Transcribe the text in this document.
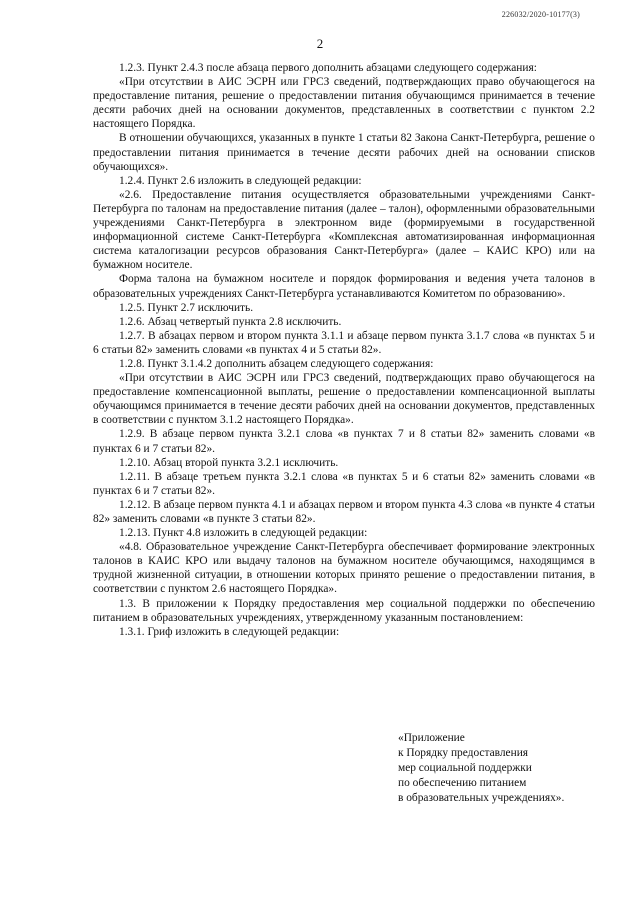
226032/2020-10177(3)
2

1.2.3. Пункт 2.4.3 после абзаца первого дополнить абзацами следующего содержания:

«При отсутствии в АИС ЭСРН или ГРСЗ сведений, подтверждающих право обучающегося на предоставление питания, решение о предоставлении питания обучающимся принимается в течение десяти рабочих дней на основании документов, представленных в соответствии с пунктом 2.2 настоящего Порядка.

В отношении обучающихся, указанных в пункте 1 статьи 82 Закона Санкт-Петербурга, решение о предоставлении питания принимается в течение десяти рабочих дней на основании списков обучающихся».

1.2.4. Пункт 2.6 изложить в следующей редакции:

«2.6. Предоставление питания осуществляется образовательными учреждениями Санкт-Петербурга по талонам на предоставление питания (далее – талон), оформленными образовательными учреждениями Санкт-Петербурга в электронном виде (формируемыми в государственной информационной системе Санкт-Петербурга «Комплексная автоматизированная информационная система каталогизации ресурсов образования Санкт-Петербурга» (далее – КАИС КРО) или на бумажном носителе.

Форма талона на бумажном носителе и порядок формирования и ведения учета талонов в образовательных учреждениях Санкт-Петербурга устанавливаются Комитетом по образованию».

1.2.5. Пункт 2.7 исключить.

1.2.6. Абзац четвертый пункта 2.8 исключить.

1.2.7. В абзацах первом и втором пункта 3.1.1 и абзаце первом пункта 3.1.7 слова «в пунктах 5 и 6 статьи 82» заменить словами «в пунктах 4 и 5 статьи 82».

1.2.8. Пункт 3.1.4.2 дополнить абзацем следующего содержания:

«При отсутствии в АИС ЭСРН или ГРСЗ сведений, подтверждающих право обучающегося на предоставление компенсационной выплаты, решение о предоставлении компенсационной выплаты обучающимся принимается в течение десяти рабочих дней на основании документов, представленных в соответствии с пунктом 3.1.2 настоящего Порядка».

1.2.9. В абзаце первом пункта 3.2.1 слова «в пунктах 7 и 8 статьи 82» заменить словами «в пунктах 6 и 7 статьи 82».

1.2.10. Абзац второй пункта 3.2.1 исключить.

1.2.11. В абзаце третьем пункта 3.2.1 слова «в пунктах 5 и 6 статьи 82» заменить словами «в пунктах 6 и 7 статьи 82».

1.2.12. В абзаце первом пункта 4.1 и абзацах первом и втором пункта 4.3 слова «в пункте 4 статьи 82» заменить словами «в пункте 3 статьи 82».

1.2.13. Пункт 4.8 изложить в следующей редакции:

«4.8. Образовательное учреждение Санкт-Петербурга обеспечивает формирование электронных талонов в КАИС КРО или выдачу талонов на бумажном носителе обучающимся, находящимся в трудной жизненной ситуации, в отношении которых принято решение о предоставлении питания, в соответствии с пунктом 2.6 настоящего Порядка».

1.3. В приложении к Порядку предоставления мер социальной поддержки по обеспечению питанием в образовательных учреждениях, утвержденному указанным постановлением:

1.3.1. Гриф изложить в следующей редакции:

«Приложение
к Порядку предоставления
мер социальной поддержки
по обеспечению питанием
в образовательных учреждениях».
